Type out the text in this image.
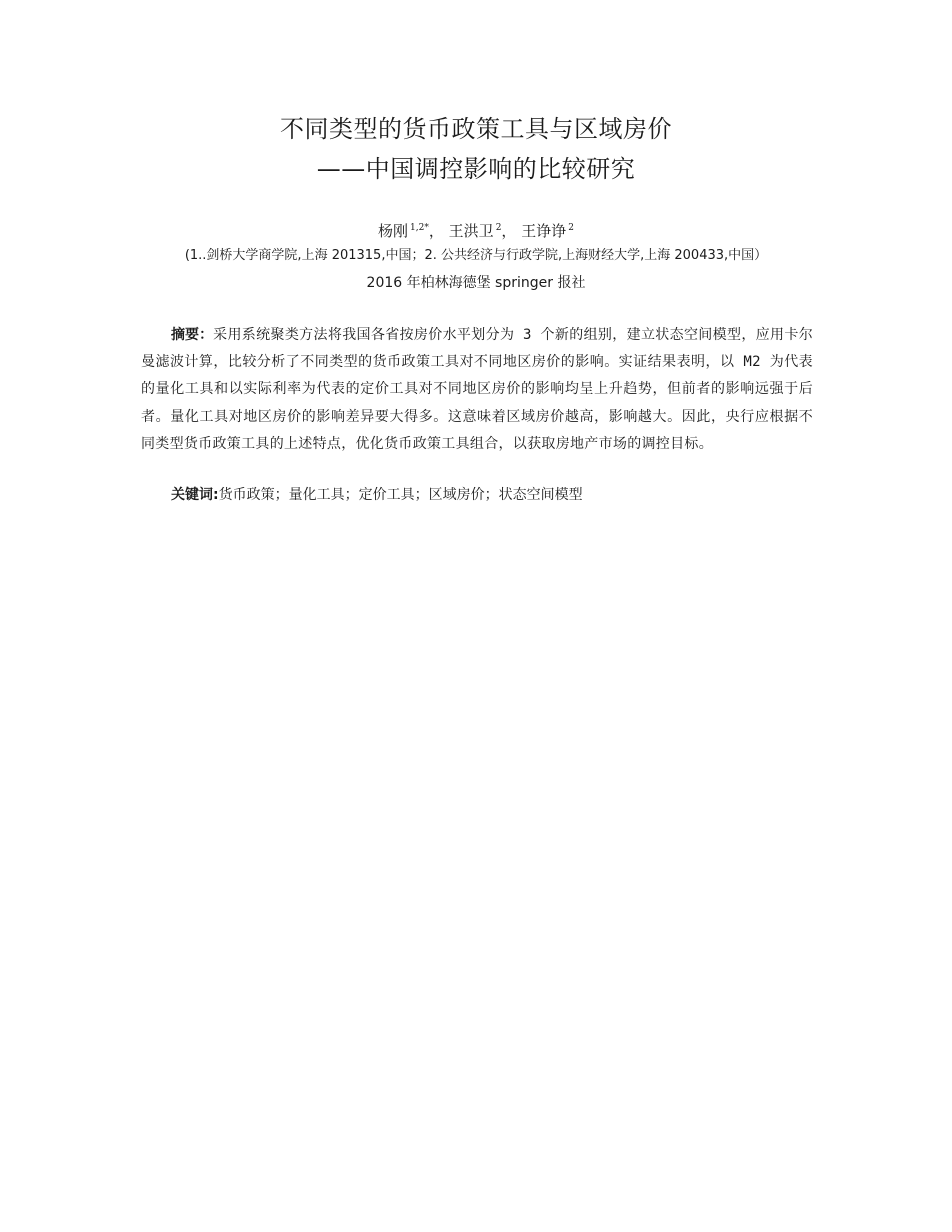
不同类型的货币政策工具与区域房价
——中国调控影响的比较研究
杨刚 $^{1,2*}$， 王洪卫 $^2$， 王诤诤 $^2$
(1..剑桥大学商学院,上海 201315,中国；2. 公共经济与行政学院,上海财经大学,上海 200433,中国）
2016 年柏林海德堡 springer 报社
摘要：采用系统聚类方法将我国各省按房价水平划分为 3 个新的组别，建立状态空间模型，应用卡尔曼滤波计算，比较分析了不同类型的货币政策工具对不同地区房价的影响。实证结果表明，以 M2 为代表的量化工具和以实际利率为代表的定价工具对不同地区房价的影响均呈上升趋势，但前者的影响远强于后者。量化工具对地区房价的影响差异要大得多。这意味着区域房价越高，影响越大。因此，央行应根据不同类型货币政策工具的上述特点，优化货币政策工具组合，以获取房地产市场的调控目标。
关键词:货币政策；量化工具；定价工具；区域房价；状态空间模型
